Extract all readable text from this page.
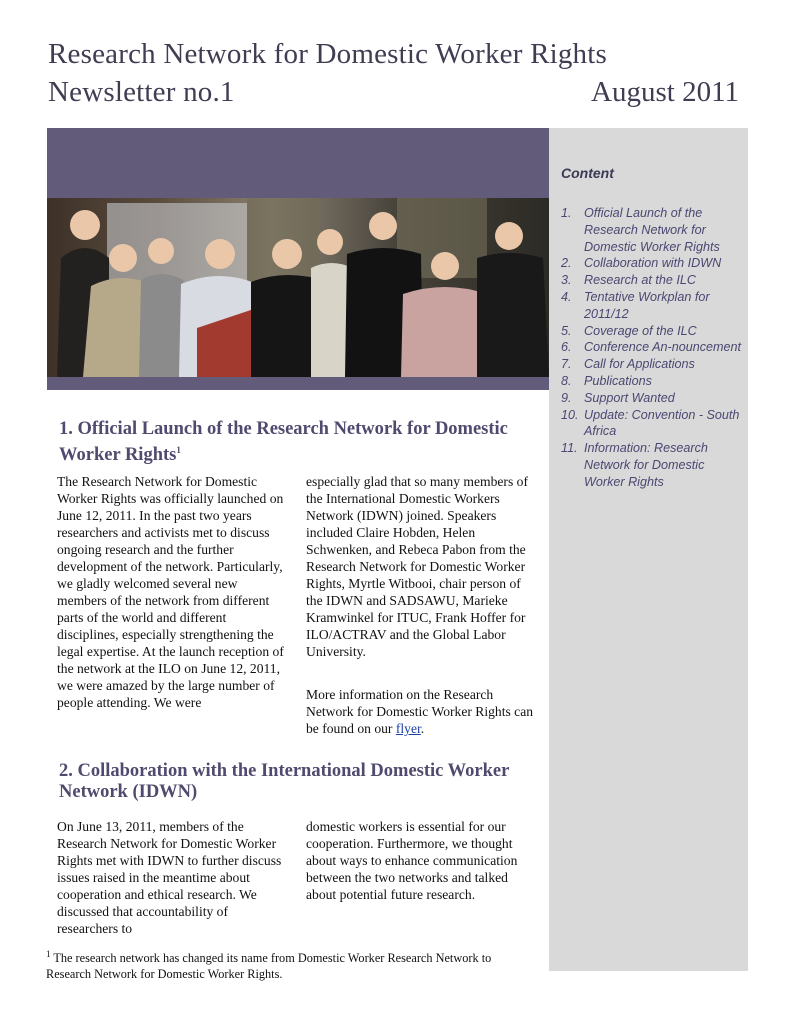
Research Network for Domestic Worker Rights
Newsletter no.1	August 2011
Content
1. Official Launch of the Research Network for Domestic Worker Rights
2. Collaboration with IDWN
3. Research at the ILC
4. Tentative Workplan for 2011/12
5. Coverage of the ILC
6. Conference An-nouncement
7. Call for Applications
8. Publications
9. Support Wanted
10. Update: Convention - South Africa
11. Information: Research Network for Domestic Worker Rights
1. Official Launch of the Research Network for Domestic Worker Rights$^1$

The Research Network for Domestic Worker Rights was officially launched on June 12, 2011. In the past two years researchers and activists met to discuss ongoing research and the further development of the network. Particularly, we gladly welcomed several new members of the network from different parts of the world and different disciplines, especially strengthening the legal expertise. At the launch reception of the network at the ILO on June 12, 2011, we were amazed by the large number of people attending. We were

especially glad that so many members of the International Domestic Workers Network (IDWN) joined. Speakers included Claire Hobden, Helen Schwenken, and Rebeca Pabon from the Research Network for Domestic Worker Rights, Myrtle Witbooi, chair person of the IDWN and SADSAWU, Marieke Kramwinkel for ITUC, Frank Hoffer for ILO/ACTRAV and the Global Labor University.

More information on the Research Network for Domestic Worker Rights can be found on our flyer.

2. Collaboration with the International Domestic Worker Network (IDWN)

On June 13, 2011, members of the Research Network for Domestic Worker Rights met with IDWN to further discuss issues raised in the meantime about cooperation and ethical research. We discussed that accountability of researchers to

domestic workers is essential for our cooperation. Furthermore, we thought about ways to enhance communication between the two networks and talked about potential future research.

$^1$ The research network has changed its name from Domestic Worker Research Network to Research Network for Domestic Worker Rights.
